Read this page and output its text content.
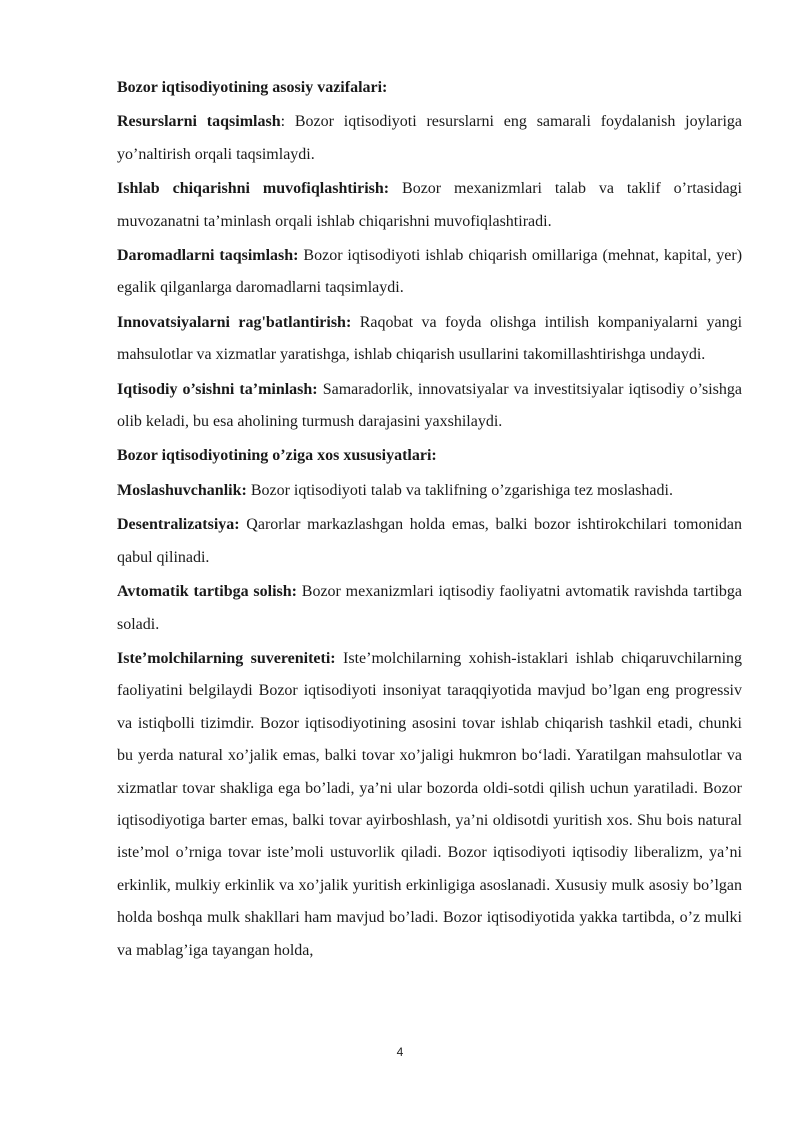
Bozor iqtisodiyotining asosiy vazifalari:

Resurslarni taqsimlash: Bozor iqtisodiyoti resurslarni eng samarali foydalanish joylariga yo’naltirish orqali taqsimlaydi.

Ishlab chiqarishni muvofiqlashtirish: Bozor mexanizmlari talab va taklif o’rtasidagi muvozanatni ta’minlash orqali ishlab chiqarishni muvofiqlashtiradi.

Daromadlarni taqsimlash: Bozor iqtisodiyoti ishlab chiqarish omillariga (mehnat, kapital, yer) egalik qilganlarga daromadlarni taqsimlaydi.

Innovatsiyalarni rag'batlantirish: Raqobat va foyda olishga intilish kompaniyalarni yangi mahsulotlar va xizmatlar yaratishga, ishlab chiqarish usullarini takomillashtirishga undaydi.

Iqtisodiy o’sishni ta’minlash: Samaradorlik, innovatsiyalar va investitsiyalar iqtisodiy o’sishga olib keladi, bu esa aholining turmush darajasini yaxshilaydi.

Bozor iqtisodiyotining o’ziga xos xususiyatlari:

Moslashuvchanlik: Bozor iqtisodiyoti talab va taklifning o’zgarishiga tez moslashadi.

Desentralizatsiya: Qarorlar markazlashgan holda emas, balki bozor ishtirokchilari tomonidan qabul qilinadi.

Avtomatik tartibga solish: Bozor mexanizmlari iqtisodiy faoliyatni avtomatik ravishda tartibga soladi.

Iste’molchilarning suvereniteti: Iste’molchilarning xohish-istaklari ishlab chiqaruvchilarning faoliyatini belgilaydi Bozor iqtisodiyoti insoniyat taraqqiyotida mavjud bo’lgan eng progressiv va istiqbolli tizimdir. Bozor iqtisodiyotining asosini tovar ishlab chiqarish tashkil etadi, chunki bu yerda natural xo’jalik emas, balki tovar xo’jaligi hukmron bo‘ladi. Yaratilgan mahsulotlar va xizmatlar tovar shakliga ega bo’ladi, ya’ni ular bozorda oldi-sotdi qilish uchun yaratiladi. Bozor iqtisodiyotiga barter emas, balki tovar ayirboshlash, ya’ni oldisotdi yuritish xos. Shu bois natural iste’mol o’rniga tovar iste’moli ustuvorlik qiladi. Bozor iqtisodiyoti iqtisodiy liberalizm, ya’ni erkinlik, mulkiy erkinlik va xo’jalik yuritish erkinligiga asoslanadi. Xususiy mulk asosiy bo’lgan holda boshqa mulk shakllari ham mavjud bo’ladi. Bozor iqtisodiyotida yakka tartibda, o’z mulki va mablag’iga tayangan holda,

4
